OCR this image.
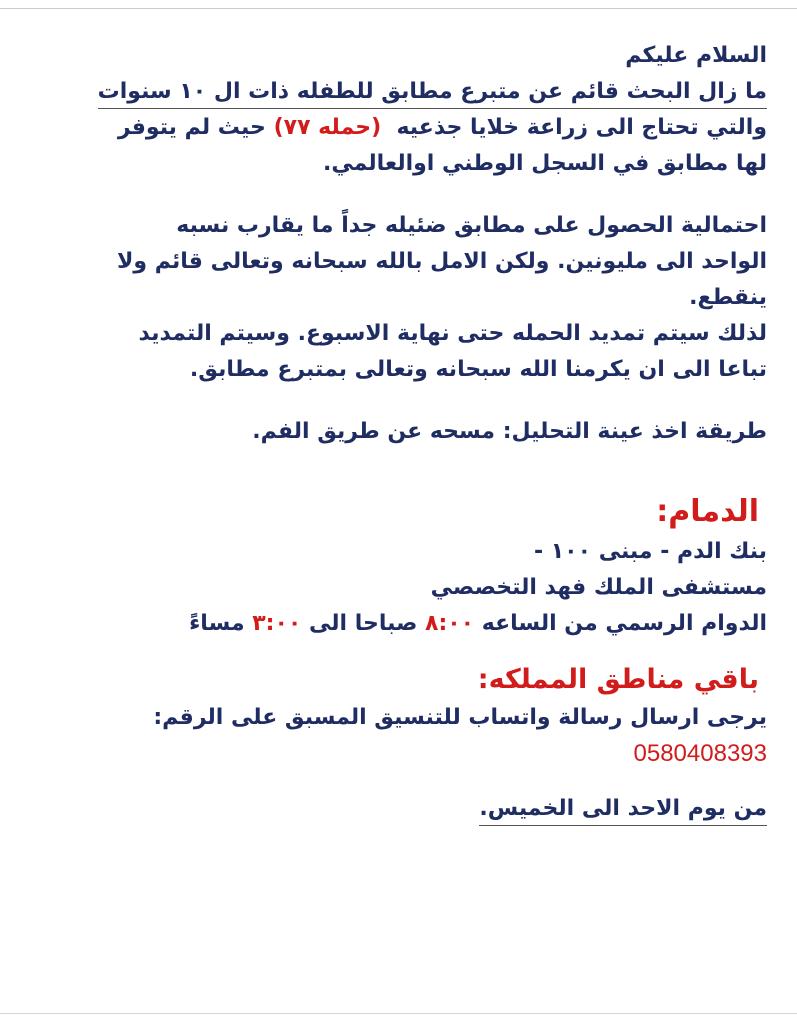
السلام عليكم
ما زال البحث قائم عن متبرع مطابق للطفله ذات ال ١٠ سنوات
والتي تحتاج الى زراعة خلايا جذعيه  (حمله ٧٧) حيث لم يتوفر
لها مطابق في السجل الوطني اوالعالمي.
احتمالية الحصول على مطابق ضئيله جداً ما يقارب نسبه
الواحد الى مليونين. ولكن الامل بالله سبحانه وتعالى قائم ولا
ينقطع.
لذلك سيتم تمديد الحمله حتى نهاية الاسبوع. وسيتم التمديد
تباعا الى ان يكرمنا الله سبحانه وتعالى بمتبرع مطابق.
طريقة اخذ عينة التحليل: مسحه عن طريق الفم.
الدمام:
بنك الدم - مبنى ١٠٠ -
مستشفى الملك فهد التخصصي
الدوام الرسمي من الساعه ٨:٠٠ صباحا الى ٣:٠٠ مساءً
باقي مناطق المملكه:
يرجى ارسال رسالة واتساب للتنسيق المسبق على الرقم:
0580408393
من يوم الاحد الى الخميس.
